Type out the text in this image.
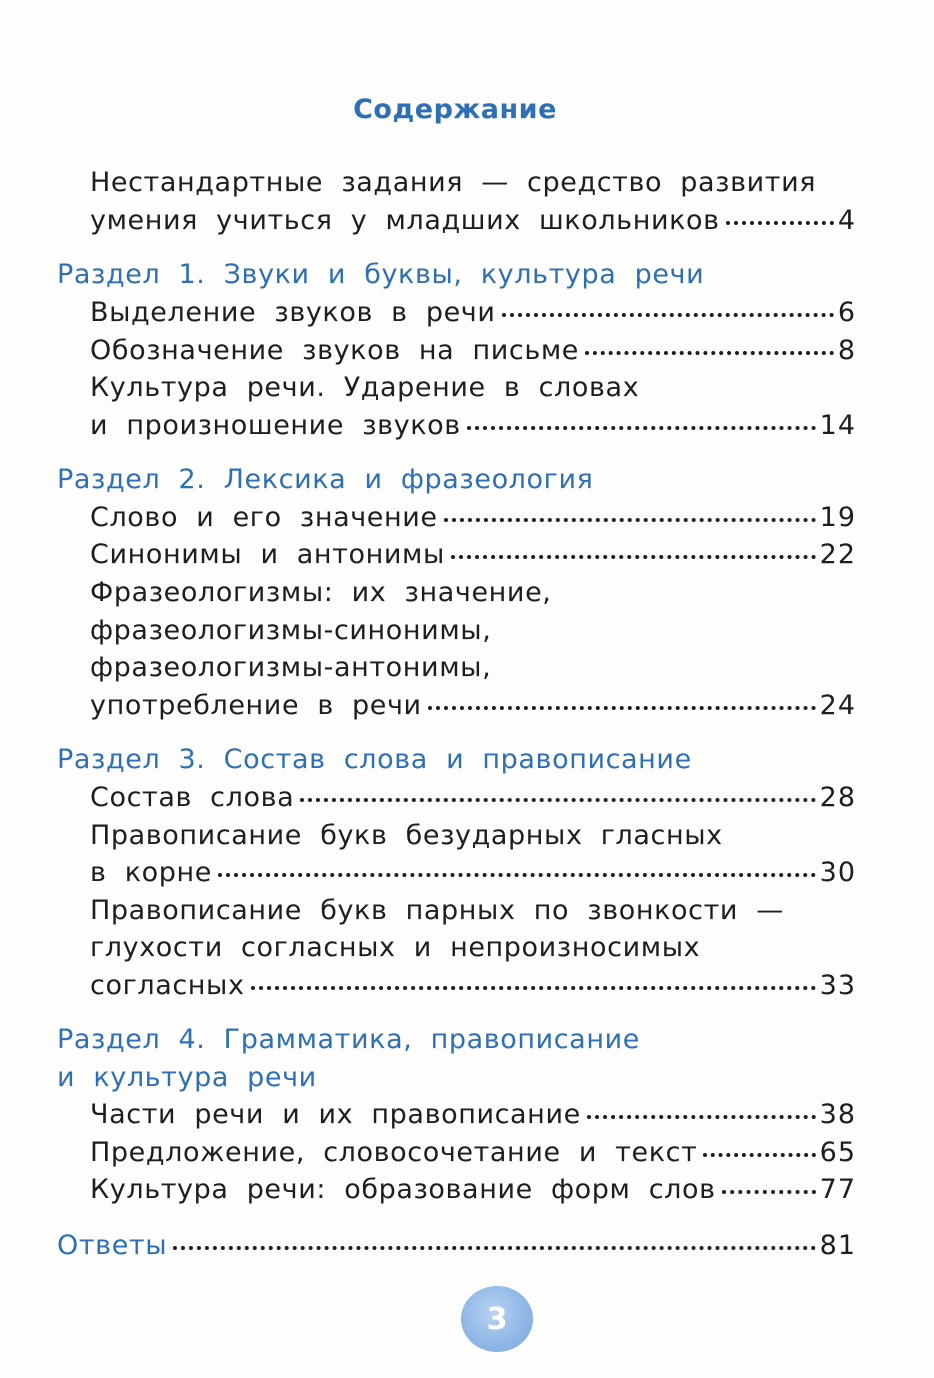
Содержание
Нестандартные задания — средство развития
умения учиться у младших школьников	4
Раздел 1. Звуки и буквы, культура речи
Выделение звуков в речи	6
Обозначение звуков на письме	8
Культура речи. Ударение в словах
и произношение звуков	14
Раздел 2. Лексика и фразеология
Слово и его значение	19
Синонимы и антонимы	22
Фразеологизмы: их значение,
фразеологизмы-синонимы,
фразеологизмы-антонимы,
употребление в речи	24
Раздел 3. Состав слова и правописание
Состав слова	28
Правописание букв безударных гласных
в корне	30
Правописание букв парных по звонкости —
глухости согласных и непроизносимых
согласных	33
Раздел 4. Грамматика, правописание
и культура речи
Части речи и их правописание	38
Предложение, словосочетание и текст	65
Культура речи: образование форм слов	77
Ответы	81
3
